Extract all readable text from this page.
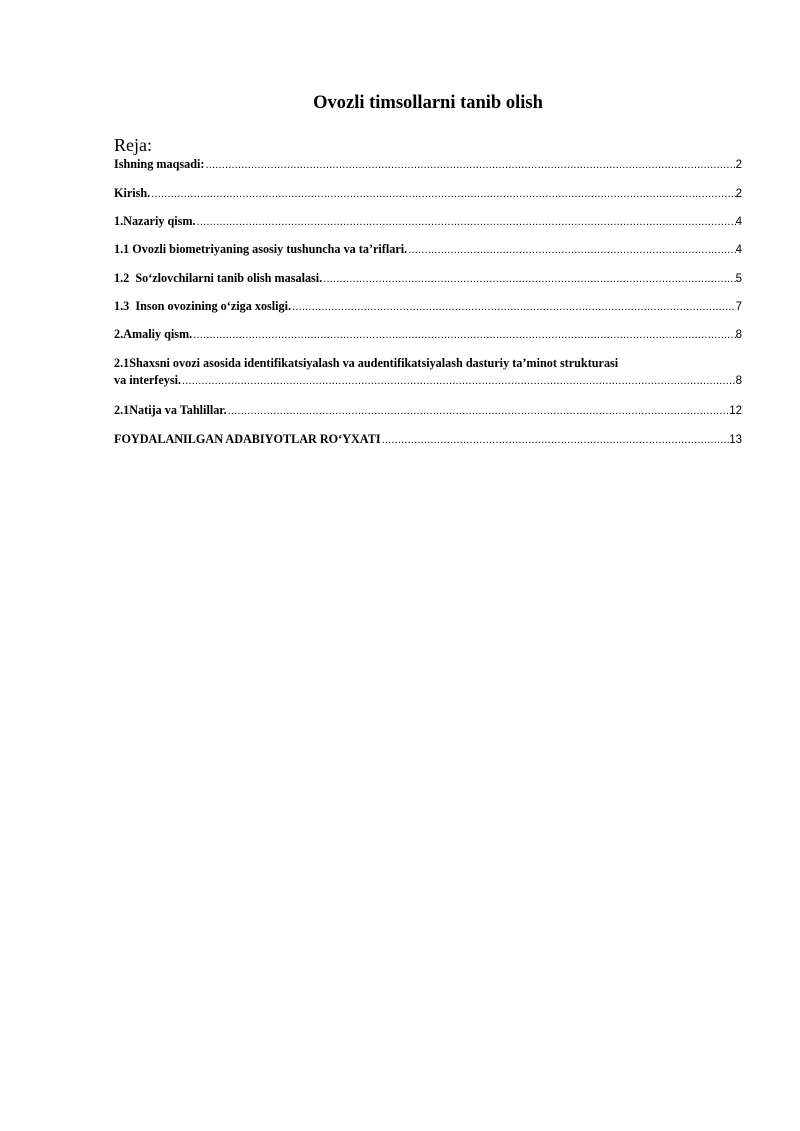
Ovozli timsollarni tanib olish
Reja:
Ishning maqsadi: .....	2
Kirish. .....	2
1.Nazariy qism. .....	4
1.1 Ovozli biometriyaning asosiy tushuncha va ta’riflari. .....	4
1.2  So‘zlovchilarni tanib olish masalasi. .....	5
1.3  Inson ovozining o‘ziga xosligi. .....	7
2.Amaliy qism. .....	8
2.1Shaxsni ovozi asosida identifikatsiyalash va audentifikatsiyalash dasturiy ta’minot strukturasi
va interfeysi. .....	8
2.1Natija va Tahlillar. .....	12
FOYDALANILGAN ADABIYOTLAR RO‘YXATI .....	13
